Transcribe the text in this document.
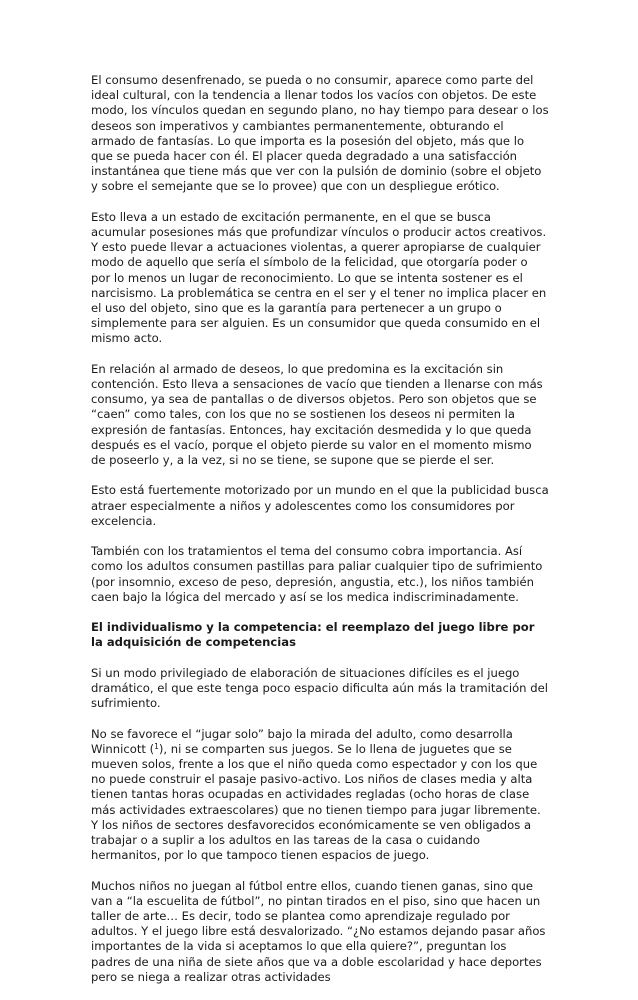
El consumo desenfrenado, se pueda o no consumir, aparece como parte del ideal cultural, con la tendencia a llenar todos los vacíos con objetos. De este modo, los vínculos quedan en segundo plano, no hay tiempo para desear o los deseos son imperativos y cambiantes permanentemente, obturando el armado de fantasías. Lo que importa es la posesión del objeto, más que lo que se pueda hacer con él. El placer queda degradado a una satisfacción instantánea que tiene más que ver con la pulsión de dominio (sobre el objeto y sobre el semejante que se lo provee) que con un despliegue erótico.

Esto lleva a un estado de excitación permanente, en el que se busca acumular posesiones más que profundizar vínculos o producir actos creativos. Y esto puede llevar a actuaciones violentas, a querer apropiarse de cualquier modo de aquello que sería el símbolo de la felicidad, que otorgaría poder o por lo menos un lugar de reconocimiento. Lo que se intenta sostener es el narcisismo. La problemática se centra en el ser y el tener no implica placer en el uso del objeto, sino que es la garantía para pertenecer a un grupo o simplemente para ser alguien. Es un consumidor que queda consumido en el mismo acto.

En relación al armado de deseos, lo que predomina es la excitación sin contención. Esto lleva a sensaciones de vacío que tienden a llenarse con más consumo, ya sea de pantallas o de diversos objetos. Pero son objetos que se “caen” como tales, con los que no se sostienen los deseos ni permiten la expresión de fantasías. Entonces, hay excitación desmedida y lo que queda después es el vacío, porque el objeto pierde su valor en el momento mismo de poseerlo y, a la vez, si no se tiene, se supone que se pierde el ser.

Esto está fuertemente motorizado por un mundo en el que la publicidad busca atraer especialmente a niños y adolescentes como los consumidores por excelencia.

También con los tratamientos el tema del consumo cobra importancia. Así como los adultos consumen pastillas para paliar cualquier tipo de sufrimiento (por insomnio, exceso de peso, depresión, angustia, etc.), los niños también caen bajo la lógica del mercado y así se los medica indiscriminadamente.

El individualismo y la competencia: el reemplazo del juego libre por la adquisición de competencias

Si un modo privilegiado de elaboración de situaciones difíciles es el juego dramático, el que este tenga poco espacio dificulta aún más la tramitación del sufrimiento.

No se favorece el “jugar solo” bajo la mirada del adulto, como desarrolla Winnicott ($^1$), ni se comparten sus juegos. Se lo llena de juguetes que se mueven solos, frente a los que el niño queda como espectador y con los que no puede construir el pasaje pasivo-activo. Los niños de clases media y alta tienen tantas horas ocupadas en actividades regladas (ocho horas de clase más actividades extraescolares) que no tienen tiempo para jugar libremente. Y los niños de sectores desfavorecidos económicamente se ven obligados a trabajar o a suplir a los adultos en las tareas de la casa o cuidando hermanitos, por lo que tampoco tienen espacios de juego.

Muchos niños no juegan al fútbol entre ellos, cuando tienen ganas, sino que van a “la escuelita de fútbol”, no pintan tirados en el piso, sino que hacen un taller de arte… Es decir, todo se plantea como aprendizaje regulado por adultos. Y el juego libre está desvalorizado. “¿No estamos dejando pasar años importantes de la vida si aceptamos lo que ella quiere?”, preguntan los padres de una niña de siete años que va a doble escolaridad y hace deportes pero se niega a realizar otras actividades
